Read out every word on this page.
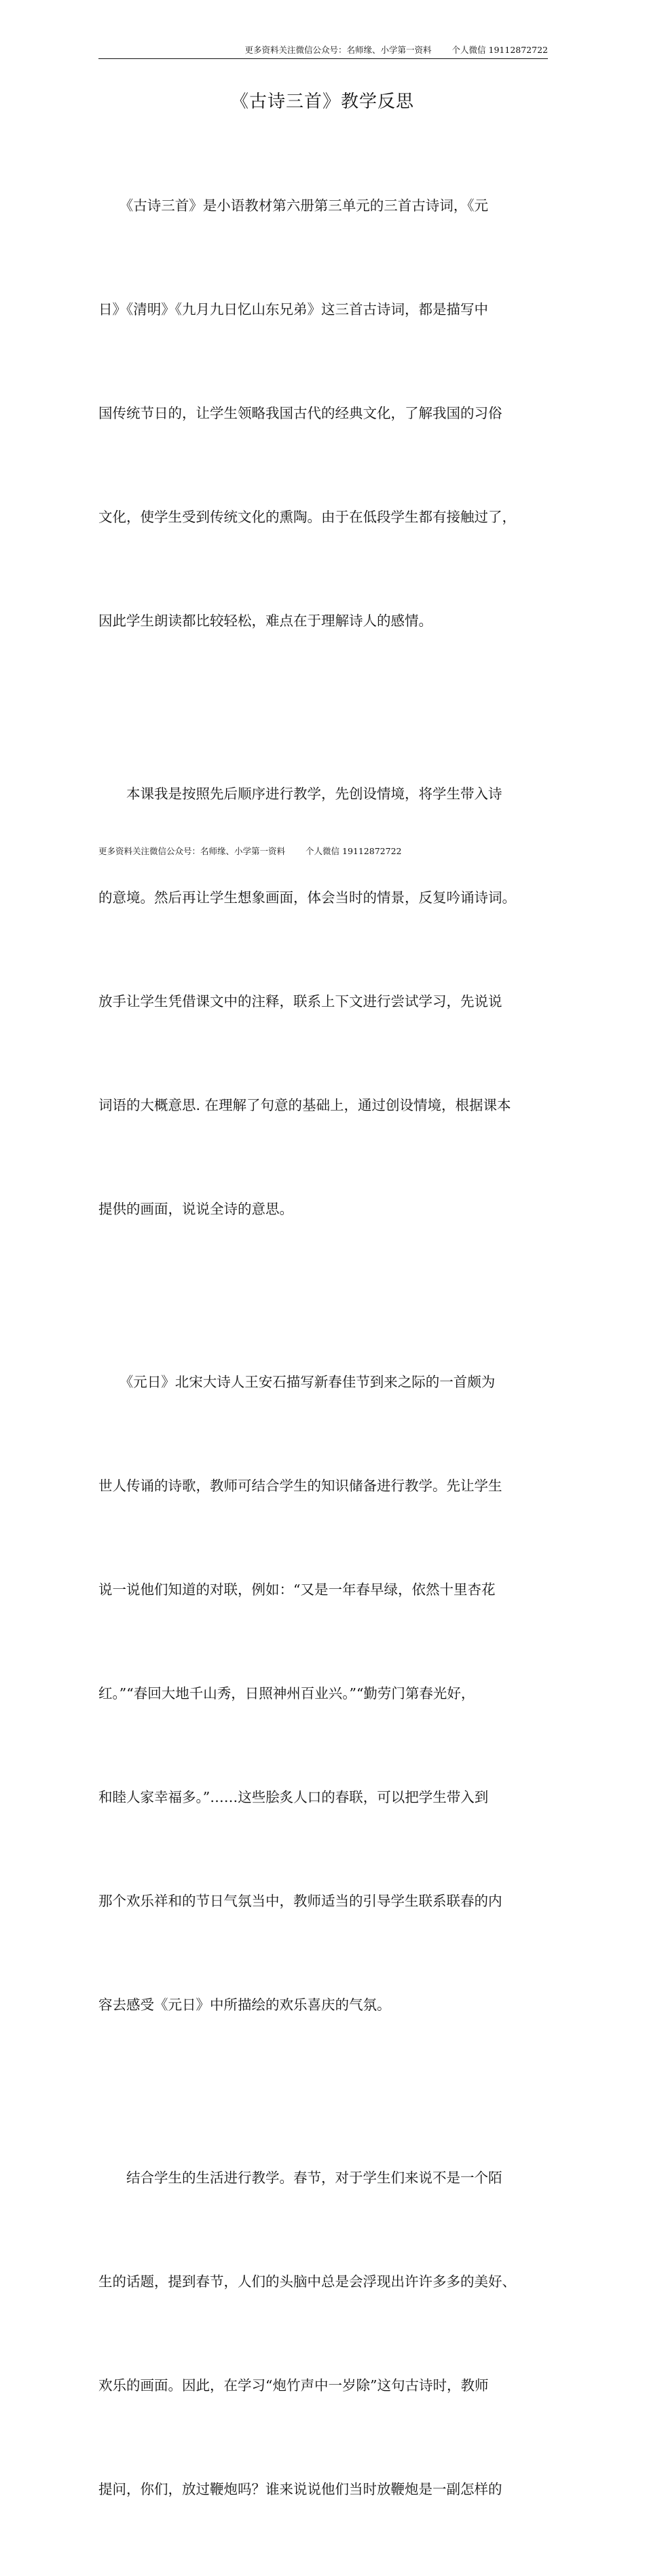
更多资料关注微信公众号：名师缘、小学第一资料 个人微信 19112872722
《古诗三首》教学反思

　　《古诗三首》是小语教材第六册第三单元的三首古诗词，《元

日》《清明》《九月九日忆山东兄弟》这三首古诗词，都是描写中

国传统节日的，让学生领略我国古代的经典文化，了解我国的习俗

文化，使学生受到传统文化的熏陶。由于在低段学生都有接触过了，

因此学生朗读都比较轻松，难点在于理解诗人的感情。

　　本课我是按照先后顺序进行教学，先创设情境，将学生带入诗

的意境。然后再让学生想象画面，体会当时的情景，反复吟诵诗词。

放手让学生凭借课文中的注释，联系上下文进行尝试学习，先说说

词语的大概意思. 在理解了句意的基础上，通过创设情境，根据课本

提供的画面，说说全诗的意思。

　　《元日》北宋大诗人王安石描写新春佳节到来之际的一首颇为

世人传诵的诗歌，教师可结合学生的知识储备进行教学。先让学生

说一说他们知道的对联，例如：“又是一年春早绿，依然十里杏花

红。”“春回大地千山秀，日照神州百业兴。”“勤劳门第春光好，

和睦人家幸福多。”……这些脍炙人口的春联，可以把学生带入到

那个欢乐祥和的节日气氛当中，教师适当的引导学生联系联春的内

容去感受《元日》中所描绘的欢乐喜庆的气氛。

　　结合学生的生活进行教学。春节，对于学生们来说不是一个陌

生的话题，提到春节，人们的头脑中总是会浮现出许许多多的美好、

欢乐的画面。因此，在学习“炮竹声中一岁除”这句古诗时，教师

提问，你们，放过鞭炮吗？谁来说说他们当时放鞭炮是一副怎样的

更多资料关注微信公众号：名师缘、小学第一资料 个人微信 19112872722
